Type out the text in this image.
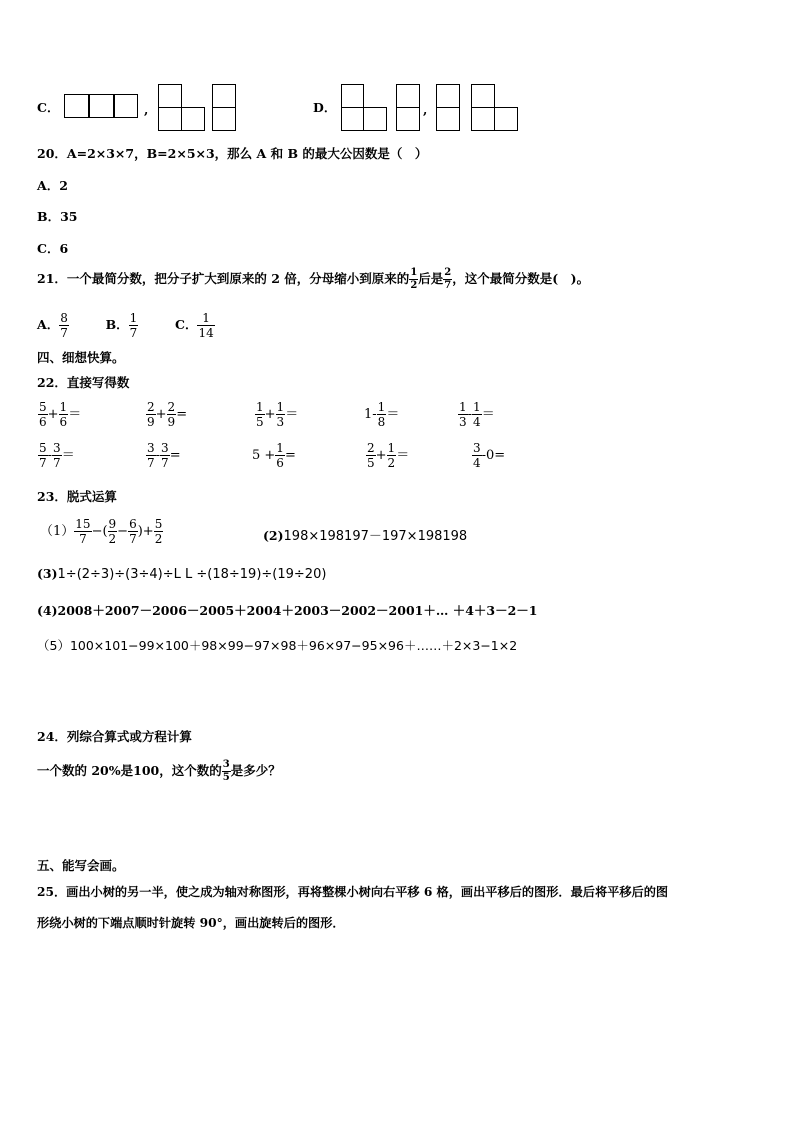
C．	,	D．	,
20．A=2×3×7，B=2×5×3，那么 A 和 B 的最大公因数是（　）
A．2
B．35
C．6
21．一个最简分数，把分子扩大到原来的 2 倍，分母缩小到原来的 $\frac{1}{2}$ 后是 $\frac{2}{7}$ ，这个最简分数是(　)。
A． $\frac{8}{7}$	B． $\frac{1}{7}$	C． $\frac{1}{14}$
四、细想快算。
22．直接写得数
$\frac{5}{6} + \frac{1}{6}$ ＝	$\frac{2}{9} + \frac{2}{9}$ =	$\frac{1}{5} + \frac{1}{3}$ ＝	$1- \frac{1}{8}$ ＝	$\frac{1}{3} - \frac{1}{4}$ ＝
$\frac{5}{7} - \frac{3}{7}$ ＝	$\frac{3}{7} - \frac{3}{7}$ =	$5 + \frac{1}{6}$ =	$\frac{2}{5} + \frac{1}{2}$ ＝	$\frac{3}{4} -0=$
23．脱式运算
$(1) \frac{15}{7}$ −( $\frac{9}{2} - \frac{6}{7}$ )+ $\frac{5}{2}$	(2)198×198197－197×198198
(3)1÷(2÷3)÷(3÷4)÷L L ÷(18÷19)÷(19÷20)
(4)2008＋2007－2006－2005＋2004＋2003－2002－2001＋… ＋4＋3－2－1
（5）100×101−99×100＋98×99−97×98＋96×97−95×96＋……＋2×3−1×2
24．列综合算式或方程计算
一个数的 20%是100，这个数的 $\frac{3}{5}$ 是多少？
五、能写会画。
25．画出小树的另一半，使之成为轴对称图形，再将整棵小树向右平移 6 格，画出平移后的图形．最后将平移后的图
形绕小树的下端点顺时针旋转 90°，画出旋转后的图形．
